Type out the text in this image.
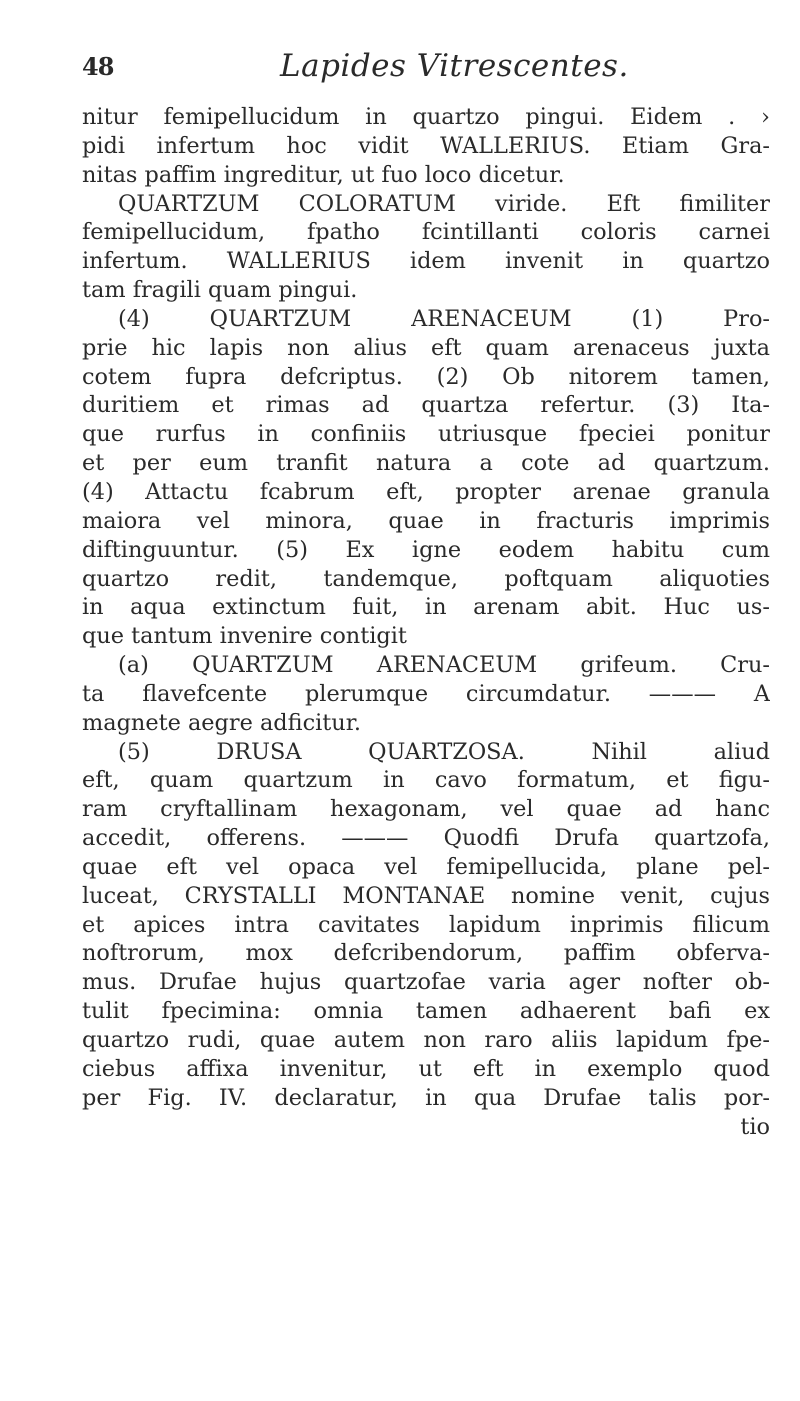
48	Lapides Vitrescentes.
nitur femipellucidum in quartzo pingui. Eidem . ›
pidi infertum hoc vidit WALLERIUS. Etiam Gra-
nitas paffim ingreditur, ut fuo loco dicetur.
QUARTZUM COLORATUM viride. Eft fimiliter
femipellucidum, fpatho fcintillanti coloris carnei
infertum. WALLERIUS idem invenit in quartzo
tam fragili quam pingui.
(4) QUARTZUM ARENACEUM (1) Pro-
prie hic lapis non alius eft quam arenaceus juxta
cotem fupra defcriptus. (2) Ob nitorem tamen,
duritiem et rimas ad quartza refertur. (3) Ita-
que rurfus in confiniis utriusque fpeciei ponitur
et per eum tranfit natura a cote ad quartzum.
(4) Attactu fcabrum eft, propter arenae granula
maiora vel minora, quae in fracturis imprimis
diftinguuntur. (5) Ex igne eodem habitu cum
quartzo redit, tandemque, poftquam aliquoties
in aqua extinctum fuit, in arenam abit. Huc us-
que tantum invenire contigit
(a) QUARTZUM ARENACEUM grifeum. Cru-
ta flavefcente plerumque circumdatur. ——— A
magnete aegre adficitur.
(5) DRUSA QUARTZOSA. Nihil aliud
eft, quam quartzum in cavo formatum, et figu-
ram cryftallinam hexagonam, vel quae ad hanc
accedit, offerens. ——— Quodfi Drufa quartzofa,
quae eft vel opaca vel femipellucida, plane pel-
luceat, CRYSTALLI MONTANAE nomine venit, cujus
et apices intra cavitates lapidum inprimis filicum
noftrorum, mox defcribendorum, paffim obferva-
mus. Drufae hujus quartzofae varia ager nofter ob-
tulit fpecimina: omnia tamen adhaerent bafi ex
quartzo rudi, quae autem non raro aliis lapidum fpe-
ciebus affixa invenitur, ut eft in exemplo quod
per Fig. IV. declaratur, in qua Drufae talis por-
tio
